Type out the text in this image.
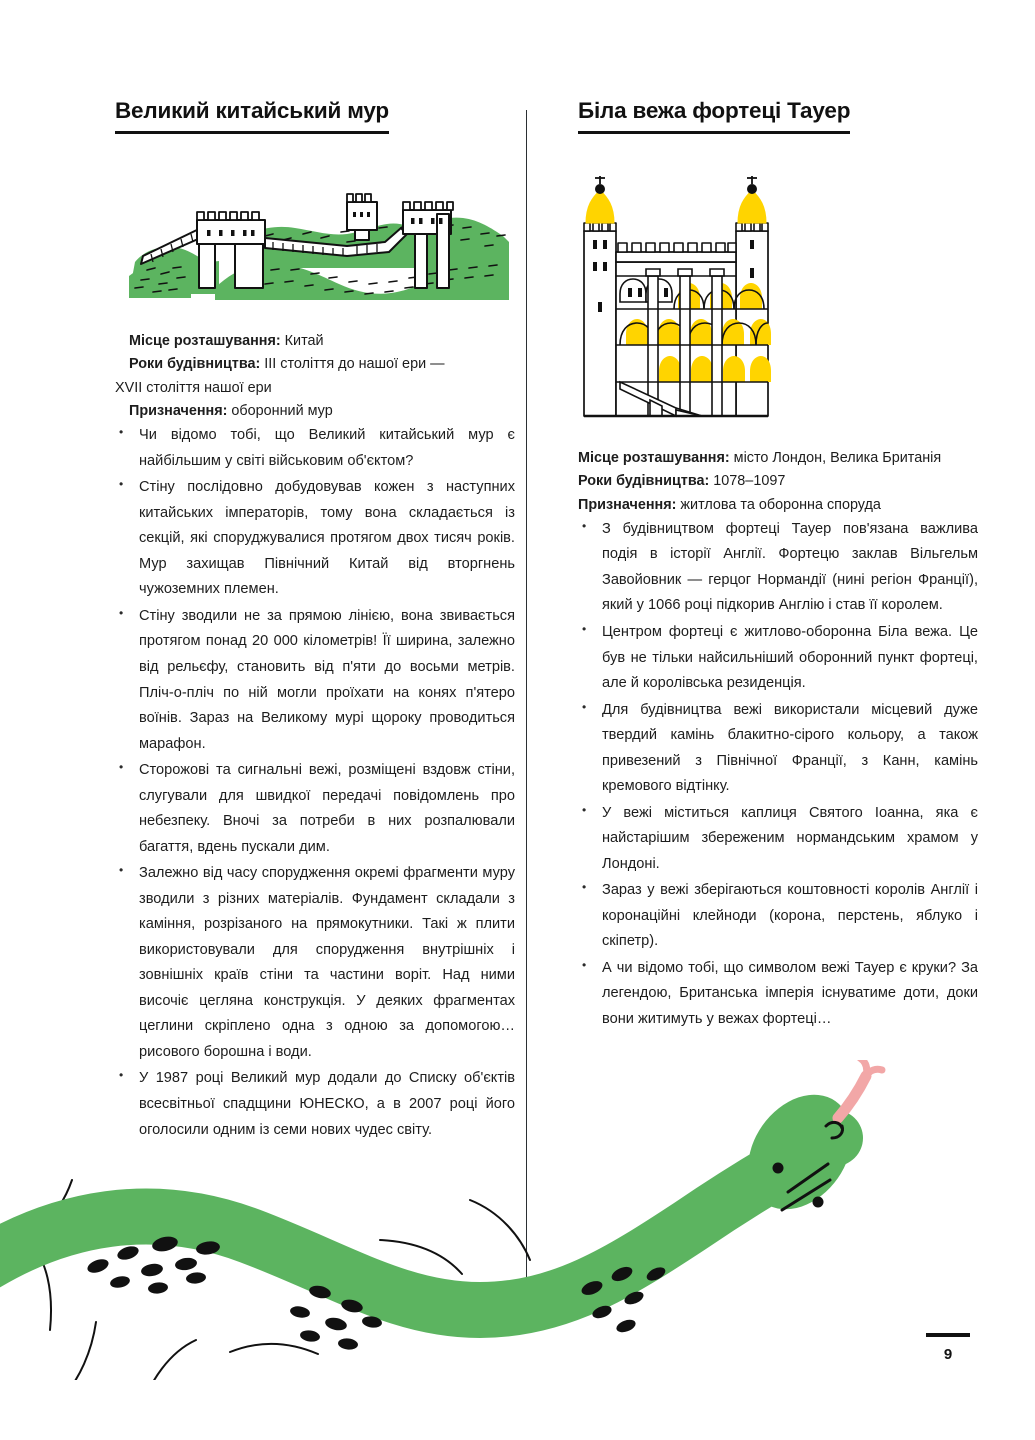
Великий китайський мур

Місце розташування: Китай

Роки будівництва: III століття до нашої ери —

XVII століття нашої ери

Призначення: оборонний мур

• Чи відомо тобі, що Великий китайський мур є найбільшим у світі військовим об'єктом?
• Стіну послідовно добудовував кожен з наступних китайських імператорів, тому вона складається із секцій, які споруджувалися протягом двох тисяч років. Мур захищав Північний Китай від вторгнень чужоземних племен.
• Стіну зводили не за прямою лінією, вона звивається протягом понад 20 000 кілометрів! Її ширина, залежно від рельєфу, становить від п'яти до восьми метрів. Пліч-о-пліч по ній могли проїхати на конях п'ятеро воїнів. Зараз на Великому мурі щороку проводиться марафон.
• Сторожові та сигнальні вежі, розміщені вздовж стіни, слугували для швидкої передачі повідомлень про небезпеку. Вночі за потреби в них розпалювали багаття, вдень пускали дим.
• Залежно від часу спорудження окремі фрагменти муру зводили з різних матеріалів. Фундамент складали з каміння, розрізаного на прямокутники. Такі ж плити використовували для спорудження внутрішніх і зовнішніх країв стіни та частини воріт. Над ними височіє цегляна конструкція. У деяких фрагментах цеглини скріплено одна з одною за допомогою… рисового борошна і води.
• У 1987 році Великий мур додали до Списку об'єктів всесвітньої спадщини ЮНЕСКО, а в 2007 році його оголосили одним із семи нових чудес світу.
Біла вежа фортеці Тауер

Місце розташування: місто Лондон, Велика Британія

Роки будівництва: 1078–1097

Призначення: житлова та оборонна споруда

• З будівництвом фортеці Тауер пов'язана важлива подія в історії Англії. Фортецю заклав Вільгельм Завойовник — герцог Нормандії (нині регіон Франції), який у 1066 році підкорив Англію і став її королем.
• Центром фортеці є житлово-оборонна Біла вежа. Це був не тільки найсильніший оборонний пункт фортеці, але й королівська резиденція.
• Для будівництва вежі використали місцевий дуже твердий камінь блакитно-сірого кольору, а також привезений з Північної Франції, з Канн, камінь кремового відтінку.
• У вежі міститься каплиця Святого Іоанна, яка є найстарішим збереженим нормандським храмом у Лондоні.
• Зараз у вежі зберігаються коштовності королів Англії і коронаційні клейноди (корона, перстень, яблуко і скіпетр).
• А чи відомо тобі, що символом вежі Тауер є круки? За легендою, Британська імперія існуватиме доти, доки вони житимуть у вежах фортеці…
9
